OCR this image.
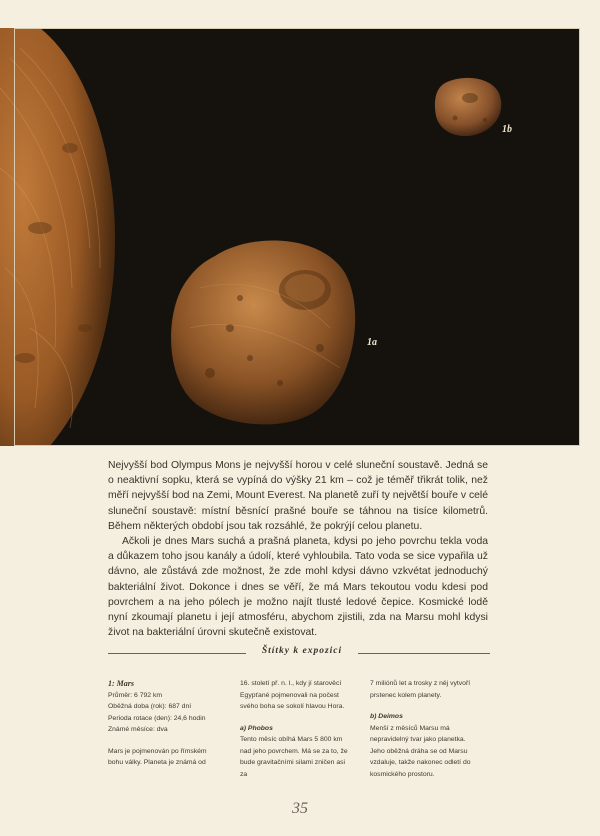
1a
1b

Nejvyšší bod Olympus Mons je nejvyšší horou v celé sluneční soustavě. Jedná se o neaktivní sopku, která se vypíná do výšky 21 km – což je téměř třikrát tolik, než měří nejvyšší bod na Zemi, Mount Everest. Na planetě zuří ty největší bouře v celé sluneční soustavě: místní běsnící prašné bouře se táhnou na tisíce kilometrů. Během některých období jsou tak rozsáhlé, že pokrýjí celou planetu.

Ačkoli je dnes Mars suchá a prašná planeta, kdysi po jeho povrchu tekla voda a důkazem toho jsou kanály a údolí, které vyhloubila. Tato voda se sice vypařila už dávno, ale zůstává zde možnost, že zde mohl kdysi dávno vzkvétat jednoduchý bakteriální život. Dokonce i dnes se věří, že má Mars tekoutou vodu kdesi pod povrchem a na jeho pólech je možno najít tlusté ledové čepice. Kosmické lodě nyní zkoumají planetu i její atmosféru, abychom zjistili, zda na Marsu mohl kdysi život na bakteriální úrovni skutečně existovat.

Štítky k expozici
1: Mars
Průměr: 6 792 km
Oběžná doba (rok): 687 dní
Perioda rotace (den): 24,6 hodin
Známé měsíce: dva
Mars je pojmenován po římském bohu války. Planeta je známá od
16. století př. n. l., kdy jí starověcí Egypťané pojmenovali na počest svého boha se sokolí hlavou Hora.
a) Phobos
Tento měsíc obíhá Mars 5 800 km nad jeho povrchem. Má se za to, že bude gravitačními silami zničen asi za
7 miliónů let a trosky z něj vytvoří prstenec kolem planety.
b) Deimos
Menší z měsíců Marsu má nepravidelný tvar jako planetka. Jeho oběžná dráha se od Marsu vzdaluje, takže nakonec odletí do kosmického prostoru.
35
